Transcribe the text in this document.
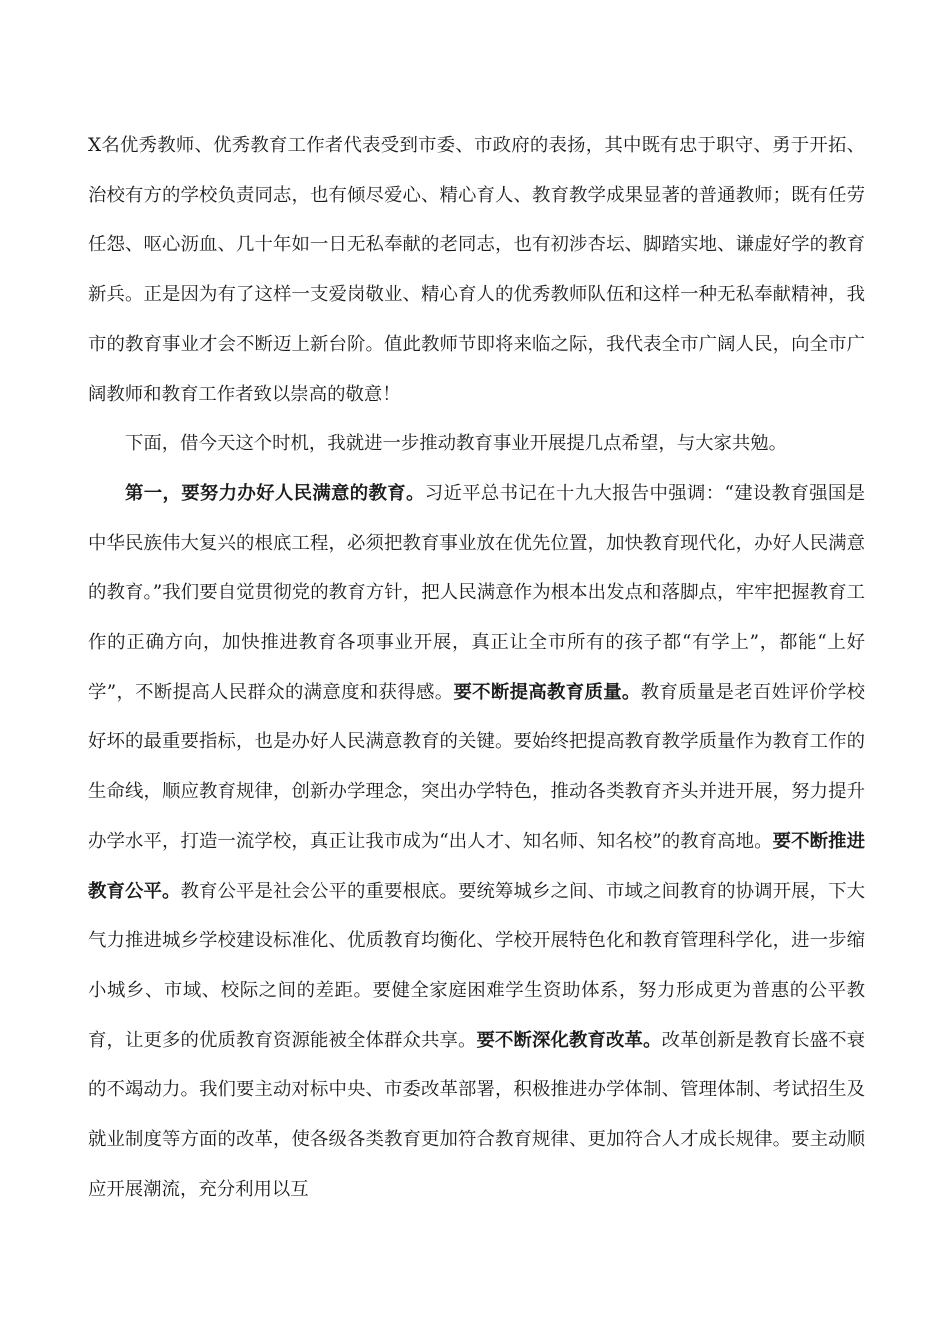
X名优秀教师、优秀教育工作者代表受到市委、市政府的表扬，其中既有忠于职守、勇于开拓、治校有方的学校负责同志，也有倾尽爱心、精心育人、教育教学成果显著的普通教师；既有任劳任怨、呕心沥血、几十年如一日无私奉献的老同志，也有初涉杏坛、脚踏实地、谦虚好学的教育新兵。正是因为有了这样一支爱岗敬业、精心育人的优秀教师队伍和这样一种无私奉献精神，我市的教育事业才会不断迈上新台阶。值此教师节即将来临之际，我代表全市广阔人民，向全市广阔教师和教育工作者致以崇高的敬意！

下面，借今天这个时机，我就进一步推动教育事业开展提几点希望，与大家共勉。

第一，要努力办好人民满意的教育。习近平总书记在十九大报告中强调：“建设教育强国是中华民族伟大复兴的根底工程，必须把教育事业放在优先位置，加快教育现代化，办好人民满意的教育。”我们要自觉贯彻党的教育方针，把人民满意作为根本出发点和落脚点，牢牢把握教育工作的正确方向，加快推进教育各项事业开展，真正让全市所有的孩子都“有学上”，都能“上好学”，不断提高人民群众的满意度和获得感。要不断提高教育质量。教育质量是老百姓评价学校好坏的最重要指标，也是办好人民满意教育的关键。要始终把提高教育教学质量作为教育工作的生命线，顺应教育规律，创新办学理念，突出办学特色，推动各类教育齐头并进开展，努力提升办学水平，打造一流学校，真正让我市成为“出人才、知名师、知名校”的教育高地。要不断推进教育公平。教育公平是社会公平的重要根底。要统筹城乡之间、市域之间教育的协调开展，下大气力推进城乡学校建设标准化、优质教育均衡化、学校开展特色化和教育管理科学化，进一步缩小城乡、市域、校际之间的差距。要健全家庭困难学生资助体系，努力形成更为普惠的公平教育，让更多的优质教育资源能被全体群众共享。要不断深化教育改革。改革创新是教育长盛不衰的不竭动力。我们要主动对标中央、市委改革部署，积极推进办学体制、管理体制、考试招生及就业制度等方面的改革，使各级各类教育更加符合教育规律、更加符合人才成长规律。要主动顺应开展潮流，充分利用以互
